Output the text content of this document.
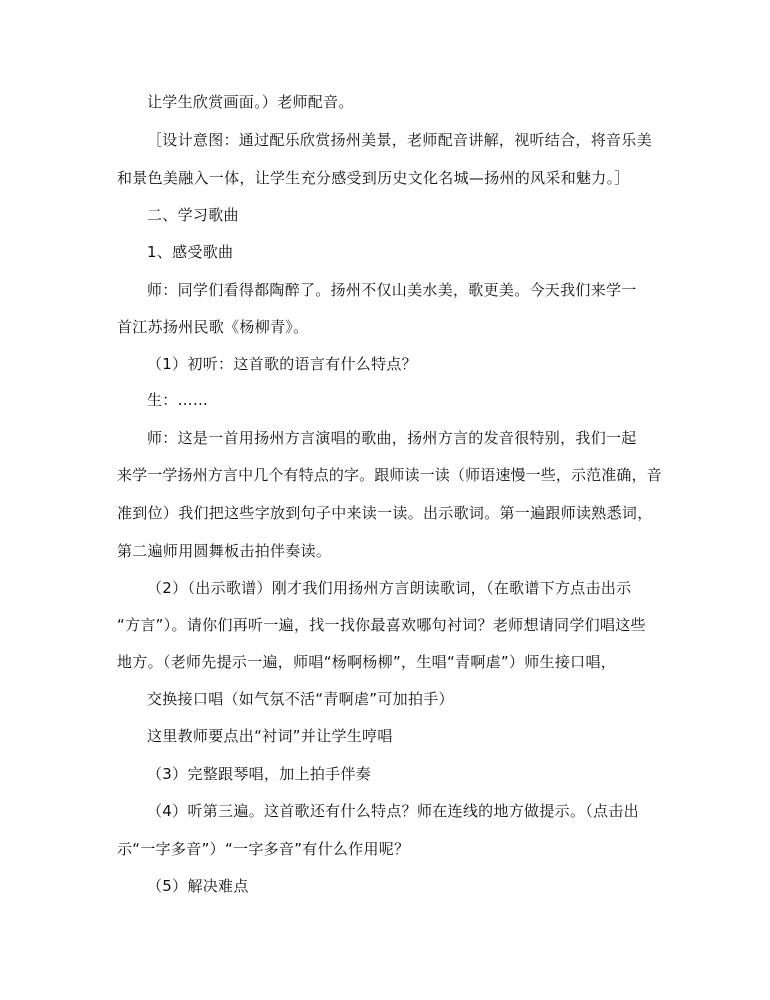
让学生欣赏画面。）老师配音。
［设计意图：通过配乐欣赏扬州美景，老师配音讲解，视听结合，将音乐美
和景色美融入一体，让学生充分感受到历史文化名城—扬州的风采和魅力。］
二、学习歌曲
1、感受歌曲
师：同学们看得都陶醉了。扬州不仅山美水美，歌更美。今天我们来学一
首江苏扬州民歌《杨柳青》。
（1）初听：这首歌的语言有什么特点？
生：……
师：这是一首用扬州方言演唱的歌曲，扬州方言的发音很特别，我们一起
来学一学扬州方言中几个有特点的字。跟师读一读（师语速慢一些，示范准确，音
准到位）我们把这些字放到句子中来读一读。出示歌词。第一遍跟师读熟悉词，
第二遍师用圆舞板击拍伴奏读。
（2）（出示歌谱）刚才我们用扬州方言朗读歌词，（在歌谱下方点击出示
“方言”）。请你们再听一遍，找一找你最喜欢哪句衬词？老师想请同学们唱这些
地方。（老师先提示一遍，师唱“杨啊杨柳”，生唱“青啊虐”）师生接口唱，
交换接口唱（如气氛不活“青啊虐”可加拍手）
这里教师要点出“衬词”并让学生哼唱
（3）完整跟琴唱，加上拍手伴奏
（4）听第三遍。这首歌还有什么特点？师在连线的地方做提示。（点击出
示“一字多音”）“一字多音”有什么作用呢？
（5）解决难点
